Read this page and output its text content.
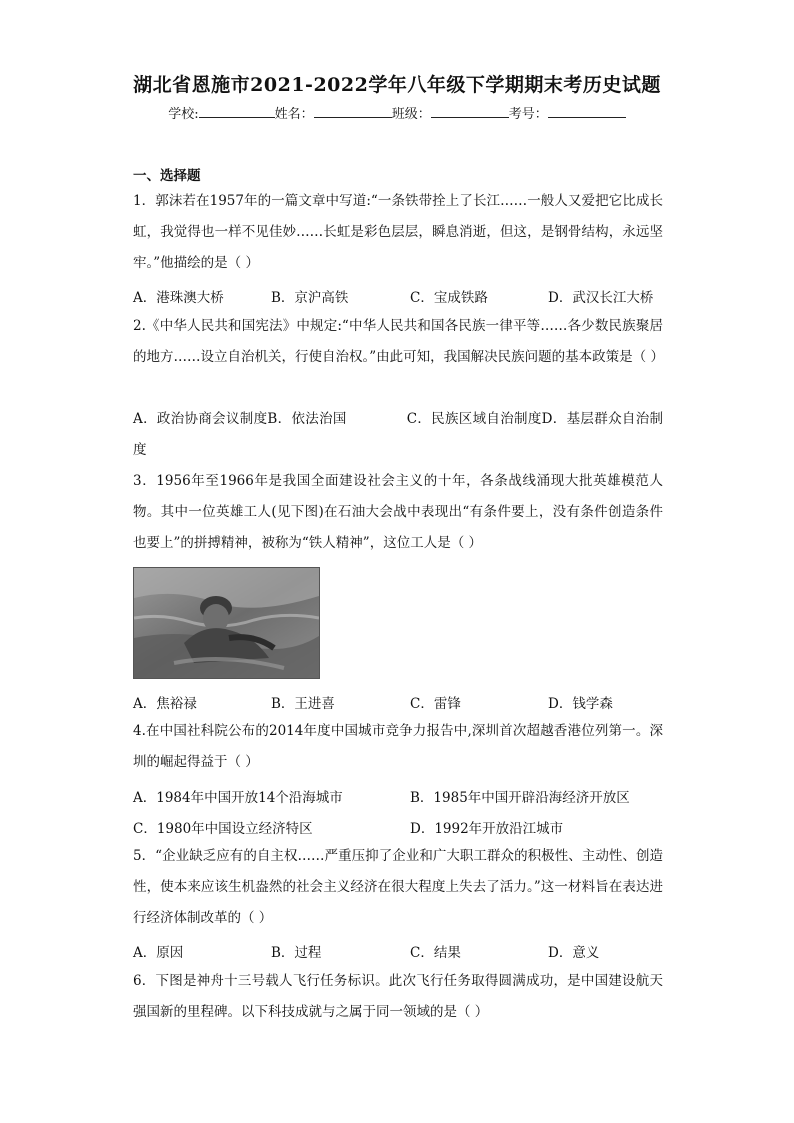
湖北省恩施市2021-2022学年八年级下学期期末考历史试题
学校:	姓名：	班级：	考号：
一、选择题
1．郭沫若在1957年的一篇文章中写道:“一条铁带拴上了长江……一般人又爱把它比成长虹，我觉得也一样不见佳妙……长虹是彩色层层，瞬息消逝，但这，是钢骨结构，永远坚牢。”他描绘的是（ ）
A．港珠澳大桥	B．京沪高铁	C．宝成铁路	D．武汉长江大桥
2.《中华人民共和国宪法》中规定:“中华人民共和国各民族一律平等……各少数民族聚居的地方……设立自治机关，行使自治权。”由此可知，我国解决民族问题的基本政策是（ ）
A．政治协商会议制度B．依法治国	C．民族区域自治制度D．基层群众自治制度
3．1956年至1966年是我国全面建设社会主义的十年，各条战线涌现大批英雄模范人物。其中一位英雄工人(见下图)在石油大会战中表现出“有条件要上，没有条件创造条件也要上”的拼搏精神，被称为“铁人精神”，这位工人是（ ）
A．焦裕禄	B．王进喜	C．雷锋	D．钱学森
4.在中国社科院公布的2014年度中国城市竞争力报告中,深圳首次超越香港位列第一。深圳的崛起得益于（ ）
A．1984年中国开放14个沿海城市	B．1985年中国开辟沿海经济开放区
C．1980年中国设立经济特区	D．1992年开放沿江城市
5．“企业缺乏应有的自主权……严重压抑了企业和广大职工群众的积极性、主动性、创造性，使本来应该生机盎然的社会主义经济在很大程度上失去了活力。”这一材料旨在表达进行经济体制改革的（ ）
A．原因	B．过程	C．结果	D．意义
6．下图是神舟十三号载人飞行任务标识。此次飞行任务取得圆满成功，是中国建设航天强国新的里程碑。以下科技成就与之属于同一领域的是（ ）
